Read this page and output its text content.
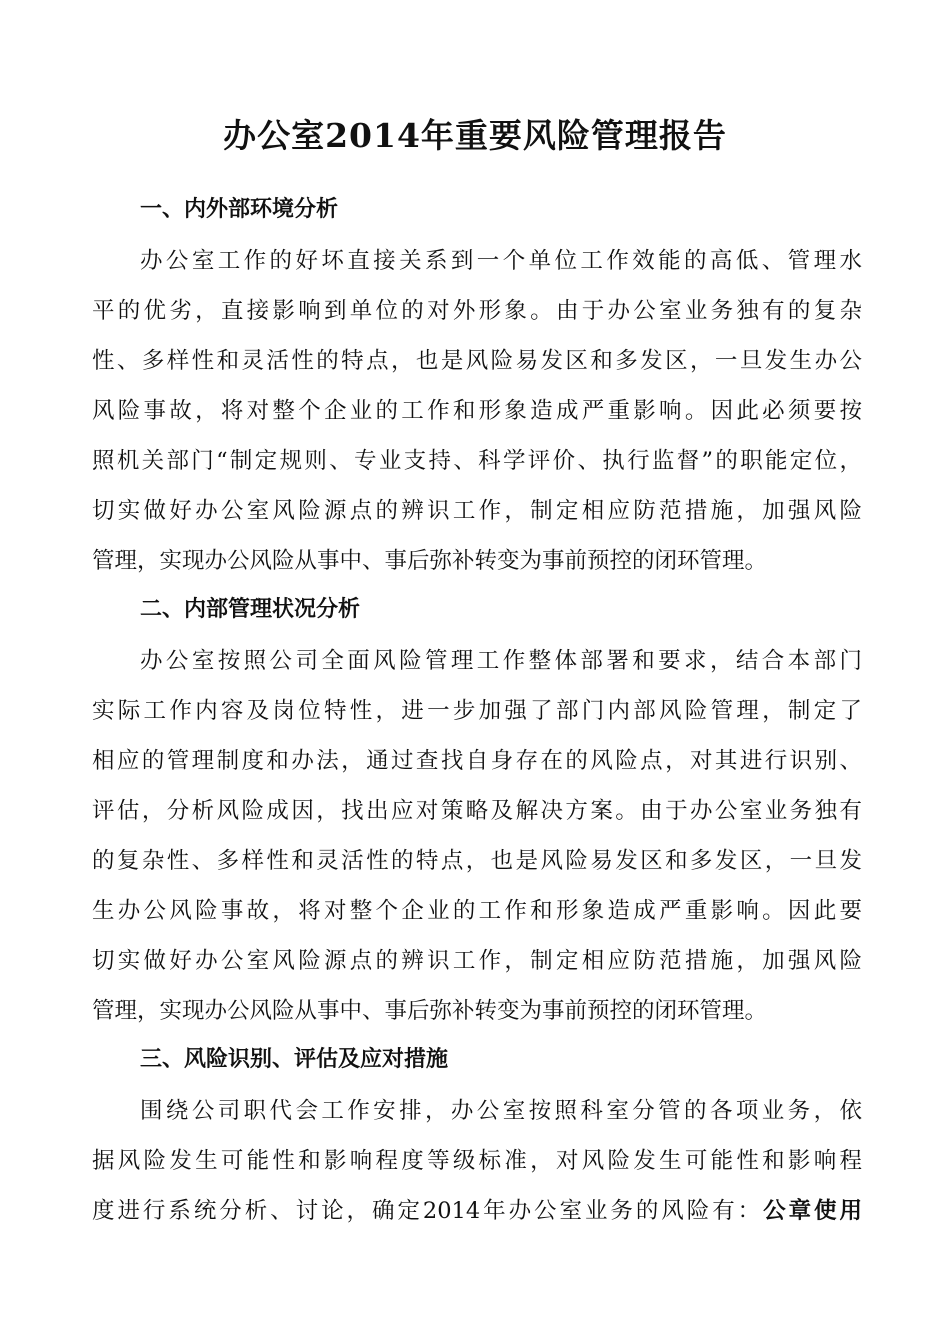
办公室2014年重要风险管理报告
一、内外部环境分析
办公室工作的好坏直接关系到一个单位工作效能的高低、管理水
平的优劣，直接影响到单位的对外形象。由于办公室业务独有的复杂
性、多样性和灵活性的特点，也是风险易发区和多发区，一旦发生办公
风险事故，将对整个企业的工作和形象造成严重影响。因此必须要按
照机关部门“制定规则、专业支持、科学评价、执行监督”的职能定位，
切实做好办公室风险源点的辨识工作，制定相应防范措施，加强风险
管理，实现办公风险从事中、事后弥补转变为事前预控的闭环管理。
二、内部管理状况分析
办公室按照公司全面风险管理工作整体部署和要求，结合本部门
实际工作内容及岗位特性，进一步加强了部门内部风险管理，制定了
相应的管理制度和办法，通过查找自身存在的风险点，对其进行识别、
评估，分析风险成因，找出应对策略及解决方案。由于办公室业务独有
的复杂性、多样性和灵活性的特点，也是风险易发区和多发区，一旦发
生办公风险事故，将对整个企业的工作和形象造成严重影响。因此要
切实做好办公室风险源点的辨识工作，制定相应防范措施，加强风险
管理，实现办公风险从事中、事后弥补转变为事前预控的闭环管理。
三、风险识别、评估及应对措施
围绕公司职代会工作安排，办公室按照科室分管的各项业务，依
据风险发生可能性和影响程度等级标准，对风险发生可能性和影响程
度进行系统分析、讨论，确定2014年办公室业务的风险有：公章使用
